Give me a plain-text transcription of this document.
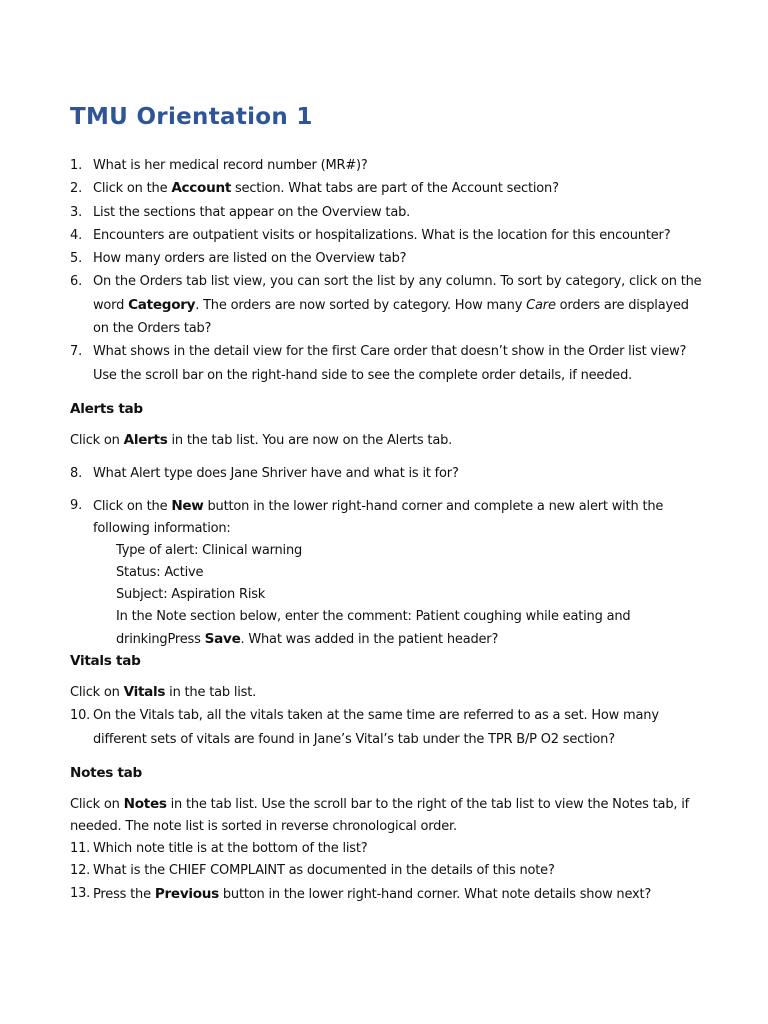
TMU Orientation 1
1. What is her medical record number (MR#)?
2. Click on the Account section. What tabs are part of the Account section?
3. List the sections that appear on the Overview tab.
4. Encounters are outpatient visits or hospitalizations. What is the location for this encounter?
5. How many orders are listed on the Overview tab?
6. On the Orders tab list view, you can sort the list by any column. To sort by category, click on the word Category. The orders are now sorted by category. How many Care orders are displayed on the Orders tab?
7. What shows in the detail view for the first Care order that doesn’t show in the Order list view? Use the scroll bar on the right-hand side to see the complete order details, if needed.
Alerts tab
Click on Alerts in the tab list. You are now on the Alerts tab.
8. What Alert type does Jane Shriver have and what is it for?
9. Click on the New button in the lower right-hand corner and complete a new alert with the following information:
Type of alert: Clinical warning
Status: Active
Subject: Aspiration Risk
In the Note section below, enter the comment: Patient coughing while eating and drinkingPress Save. What was added in the patient header?
Vitals tab
Click on Vitals in the tab list.
10. On the Vitals tab, all the vitals taken at the same time are referred to as a set. How many different sets of vitals are found in Jane’s Vital’s tab under the TPR B/P O2 section?
Notes tab
Click on Notes in the tab list. Use the scroll bar to the right of the tab list to view the Notes tab, if needed. The note list is sorted in reverse chronological order.
11. Which note title is at the bottom of the list?
12. What is the CHIEF COMPLAINT as documented in the details of this note?
13. Press the Previous button in the lower right-hand corner. What note details show next?
